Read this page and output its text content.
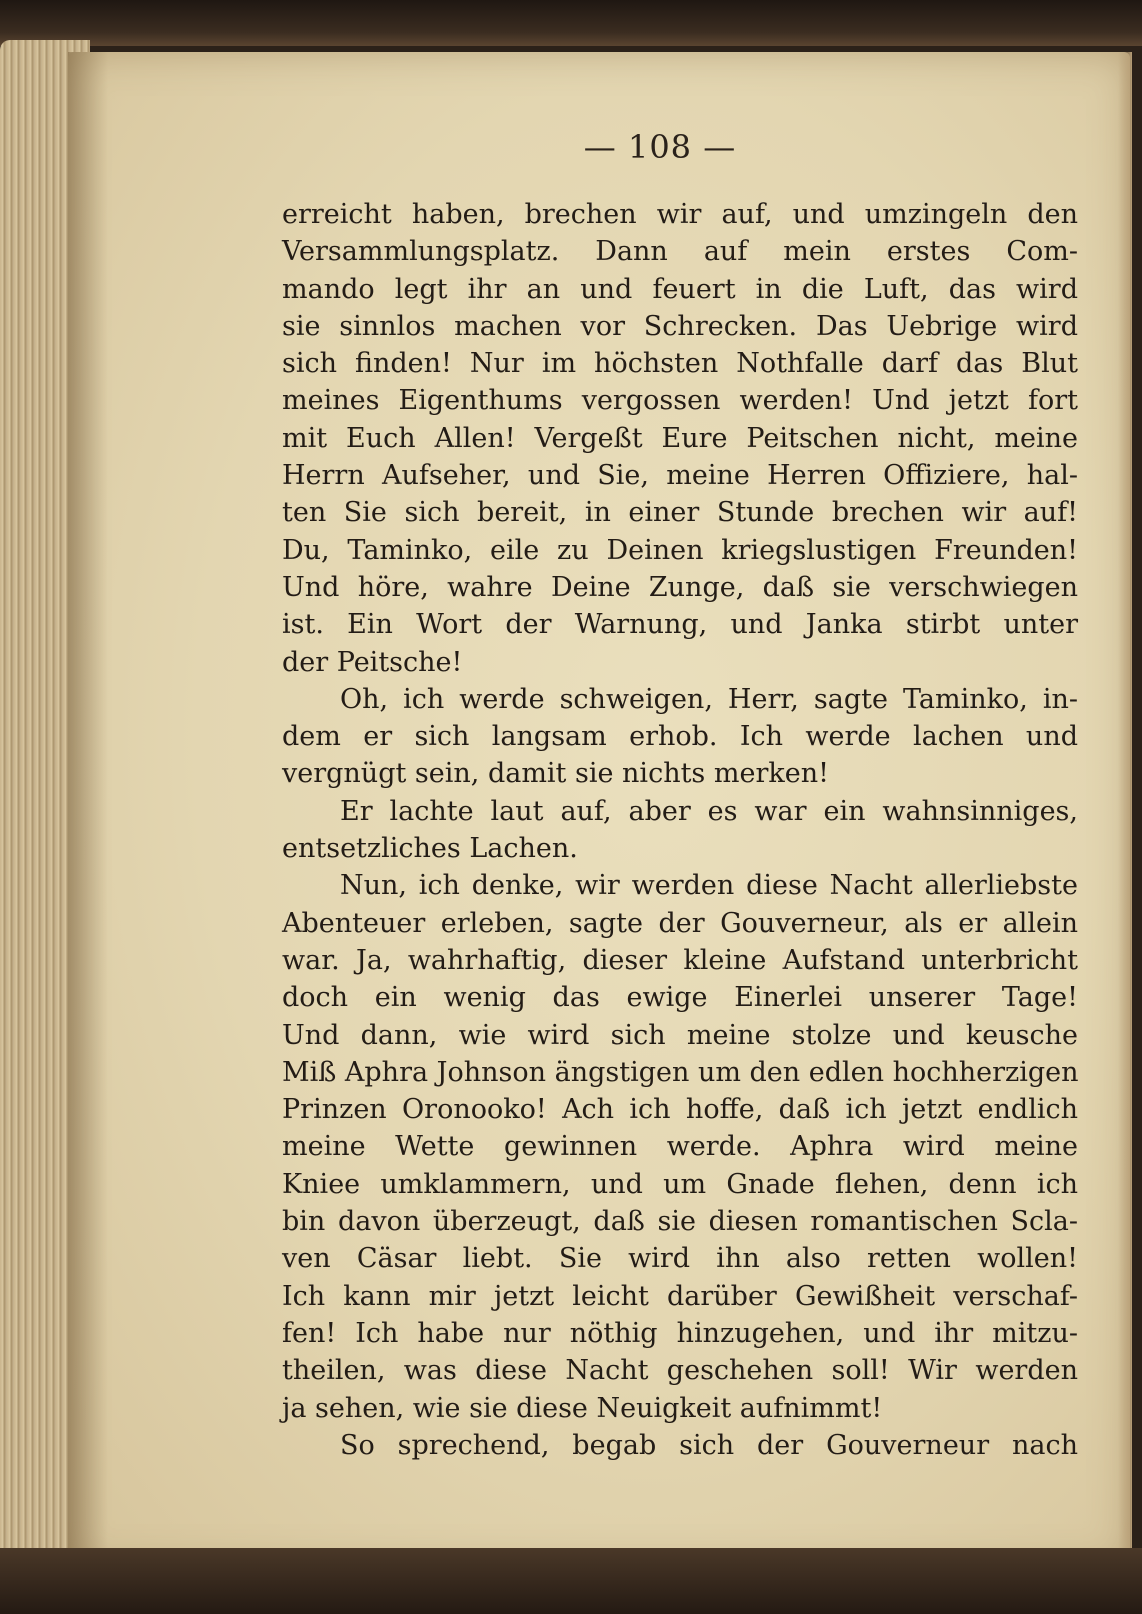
— 108 —
erreicht haben, brechen wir auf, und umzingeln den
Versammlungsplatz. Dann auf mein erstes Com-
mando legt ihr an und feuert in die Luft, das wird
sie sinnlos machen vor Schrecken. Das Uebrige wird
sich finden! Nur im höchsten Nothfalle darf das Blut
meines Eigenthums vergossen werden! Und jetzt fort
mit Euch Allen! Vergeßt Eure Peitschen nicht, meine
Herrn Aufseher, und Sie, meine Herren Offiziere, hal-
ten Sie sich bereit, in einer Stunde brechen wir auf!
Du, Taminko, eile zu Deinen kriegslustigen Freunden!
Und höre, wahre Deine Zunge, daß sie verschwiegen
ist. Ein Wort der Warnung, und Janka stirbt unter
der Peitsche!
Oh, ich werde schweigen, Herr, sagte Taminko, in-
dem er sich langsam erhob. Ich werde lachen und
vergnügt sein, damit sie nichts merken!
Er lachte laut auf, aber es war ein wahnsinniges,
entsetzliches Lachen.
Nun, ich denke, wir werden diese Nacht allerliebste
Abenteuer erleben, sagte der Gouverneur, als er allein
war. Ja, wahrhaftig, dieser kleine Aufstand unterbricht
doch ein wenig das ewige Einerlei unserer Tage!
Und dann, wie wird sich meine stolze und keusche
Miß Aphra Johnson ängstigen um den edlen hochherzigen
Prinzen Oronooko! Ach ich hoffe, daß ich jetzt endlich
meine Wette gewinnen werde. Aphra wird meine
Kniee umklammern, und um Gnade flehen, denn ich
bin davon überzeugt, daß sie diesen romantischen Scla-
ven Cäsar liebt. Sie wird ihn also retten wollen!
Ich kann mir jetzt leicht darüber Gewißheit verschaf-
fen! Ich habe nur nöthig hinzugehen, und ihr mitzu-
theilen, was diese Nacht geschehen soll! Wir werden
ja sehen, wie sie diese Neuigkeit aufnimmt!
So sprechend, begab sich der Gouverneur nach
